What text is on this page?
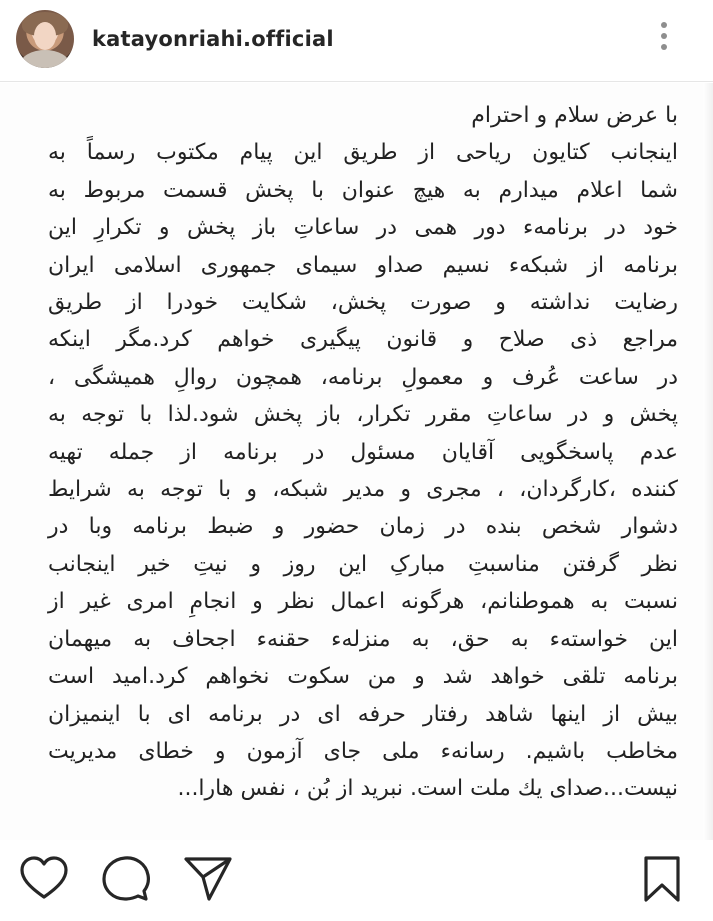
katayonriahi.official
با عرض سلام و احترام
اینجانب کتایون ریاحی از طریق این پیام مکتوب رسماً به
شما اعلام میدارم به هیچ عنوان با پخش قسمت مربوط به
خود در برنامهء دور همی در ساعاتِ باز پخش و تکرارِ این
برنامه از شبکهء نسیم صداو سیمای جمهوری اسلامی ایران
رضایت نداشته و صورت پخش، شکایت خودرا از طریق
مراجع ذی صلاح و قانون پیگیری خواهم کرد.مگر اینکه
در ساعت عُرف و معمولِ برنامه، همچون روالِ همیشگی ،
پخش و در ساعاتِ مقرر تکرار، باز پخش شود.لذا با توجه به
عدم پاسخگویی آقایان مسئول در برنامه از جمله تهیه
کننده ،کارگردان، ، مجری و مدیر شبکه، و با توجه به شرایط
دشوار شخص بنده در زمان حضور و ضبط برنامه وبا در
نظر گرفتن مناسبتِ مبارکِ این روز و نیتِ خیر اینجانب
نسبت به هموطنانم، هرگونه اعمال نظر و انجامِ امری غیر از
این خواستهء به حق، به منزلهء حقنهء اجحاف به میهمان
برنامه تلقی خواهد شد و من سکوت نخواهم کرد.امید است
بیش از اینها شاهد رفتار حرفه ای در برنامه ای با اینمیزان
مخاطب باشیم. رسانهء ملی جای آزمون و خطای مدیریت
نیست...صدای یك ملت است. نبرید از بُن ، نفس هارا...
